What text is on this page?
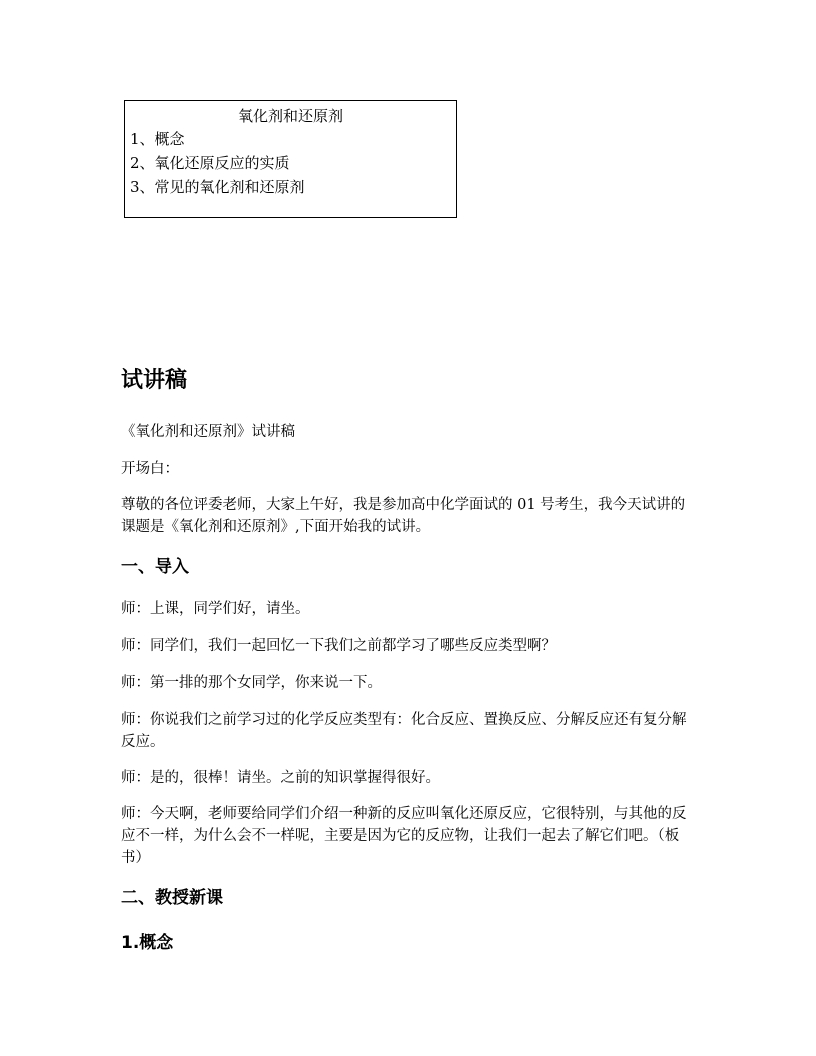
氧化剂和还原剂
1、概念
2、氧化还原反应的实质
3、常见的氧化剂和还原剂
试讲稿

《氧化剂和还原剂》试讲稿

开场白：

尊敬的各位评委老师，大家上午好，我是参加高中化学面试的 01 号考生，我今天试讲的课题是《氧化剂和还原剂》,下面开始我的试讲。

一、导入

师：上课，同学们好，请坐。

师：同学们，我们一起回忆一下我们之前都学习了哪些反应类型啊？

师：第一排的那个女同学，你来说一下。

师：你说我们之前学习过的化学反应类型有：化合反应、置换反应、分解反应还有复分解反应。

师：是的，很棒！请坐。之前的知识掌握得很好。

师：今天啊，老师要给同学们介绍一种新的反应叫氧化还原反应，它很特别，与其他的反应不一样，为什么会不一样呢，主要是因为它的反应物，让我们一起去了解它们吧。（板书）

二、教授新课
1.概念
